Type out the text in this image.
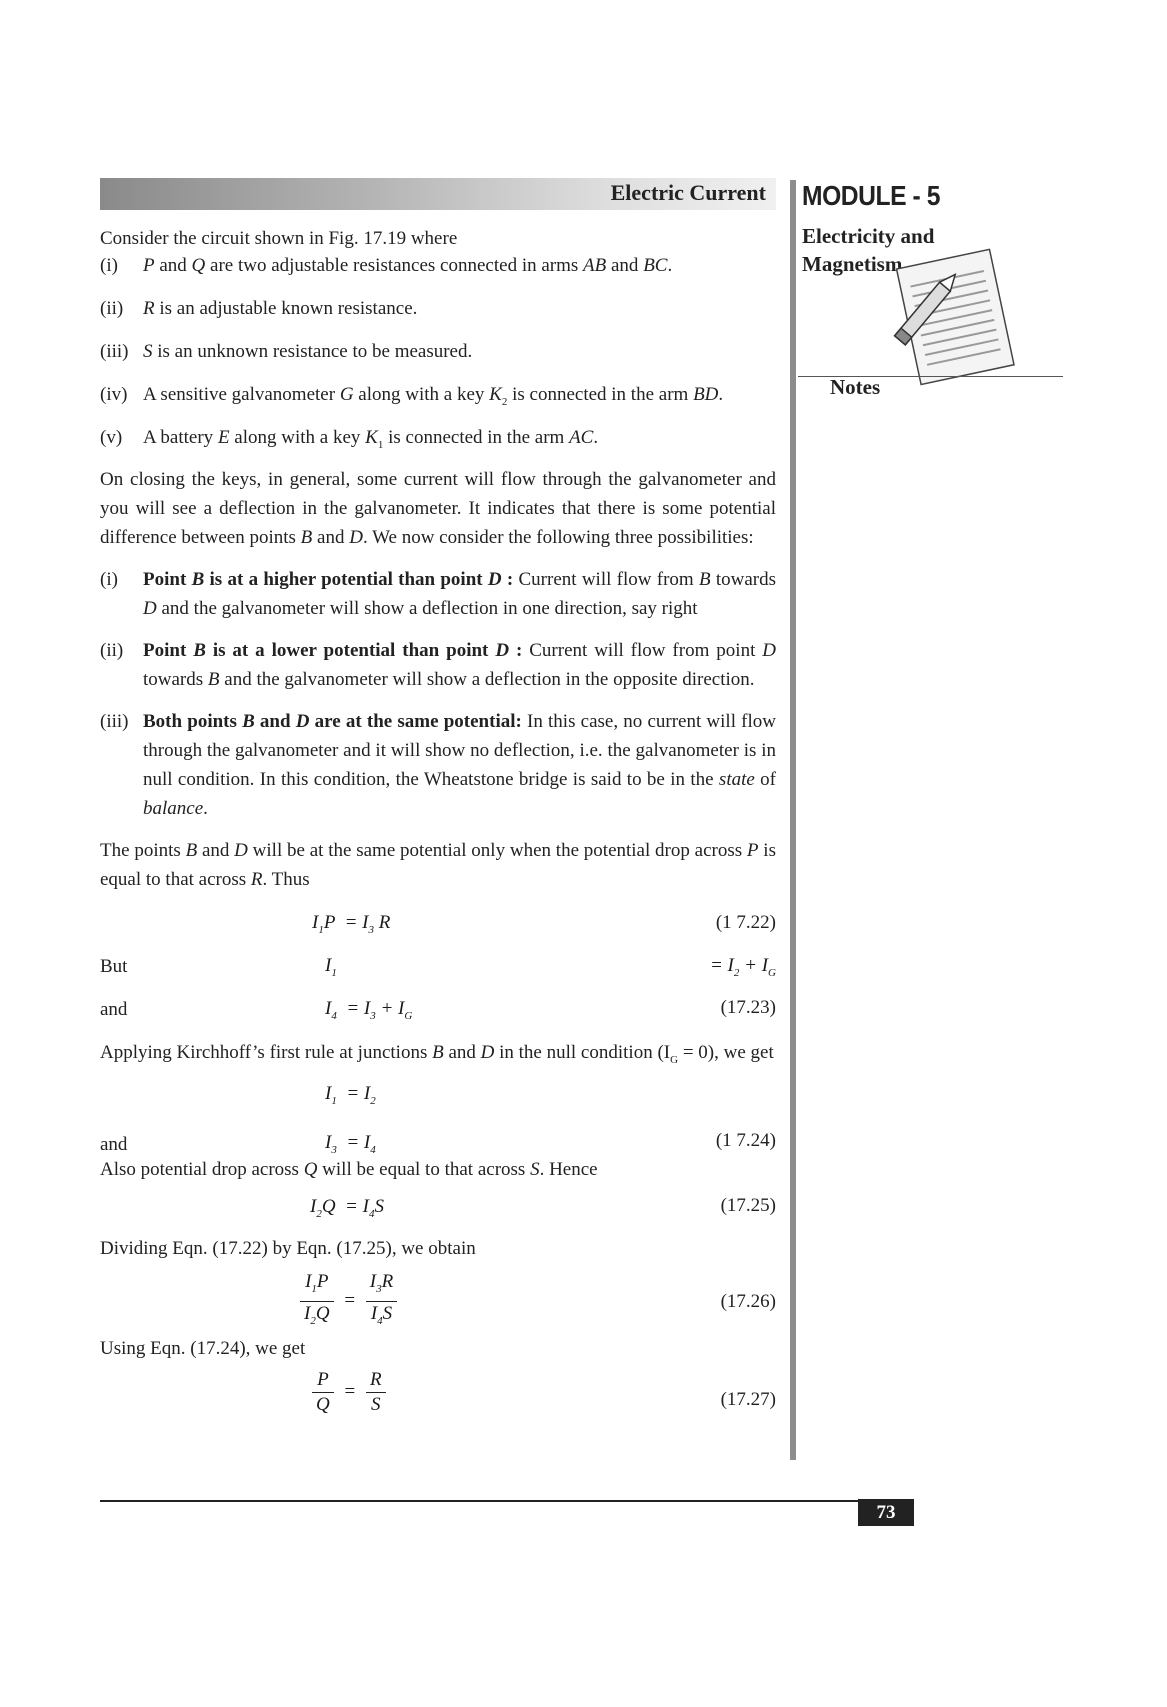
Electric Current MODULE - 5
Electricity and
Magnetism
Notes
Consider the circuit shown in Fig. 17.19 where
(i) P and Q are two adjustable resistances connected in arms AB and BC.
(ii) R is an adjustable known resistance.
(iii) S is an unknown resistance to be measured.
(iv) A sensitive galvanometer G along with a key $K_2$ is connected in the arm BD.
(v) A battery E along with a key $K_1$ is connected in the arm AC.
On closing the keys, in general, some current will flow through the galvanometer and you will see a deflection in the galvanometer. It indicates that there is some potential difference between points B and D. We now consider the following three possibilities:
(i) Point B is at a higher potential than point D : Current will flow from B towards D and the galvanometer will show a deflection in one direction, say right
(ii) Point B is at a lower potential than point D : Current will flow from point D towards B and the galvanometer will show a deflection in the opposite direction.
(iii) Both points B and D are at the same potential: In this case, no current will flow through the galvanometer and it will show no deflection, i.e. the galvanometer is in null condition. In this condition, the Wheatstone bridge is said to be in the state of balance.
The points B and D will be at the same potential only when the potential drop across P is equal to that across R. Thus
$I_1P = I_3$ R	(1 7.22)
But	$I_1$	= $I_2 + I_G$
and	$I_4 = I_3 + I_G$	(17.23)
Applying Kirchhoff’s first rule at junctions B and D in the null condition $(I_G = 0)$, we get
$I_1 = I_2$
and	$I_3 = I_4$	(1 7.24)
Also potential drop across Q will be equal to that across S. Hence
$I_2Q = I_4S$	(17.25)
Dividing Eqn. (17.22) by Eqn. (17.25), we obtain
$\frac{I_1P}{I_2Q} = \frac{I_3R}{I_4S}$	(17.26)
Using Eqn. (17.24), we get
$\frac{P}{Q} = \frac{R}{S}$	(17.27)
73
